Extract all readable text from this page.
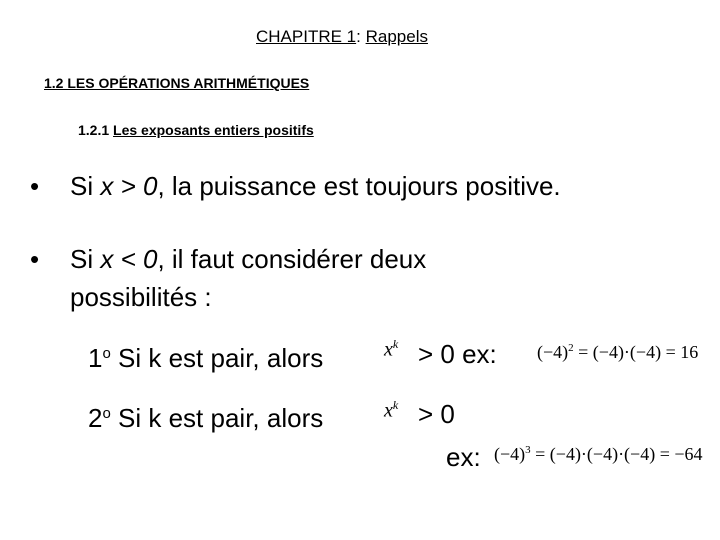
CHAPITRE 1: Rappels
1.2 LES OPÉRATIONS ARITHMÉTIQUES
1.2.1 Les exposants entiers positifs
• Si x > 0, la puissance est toujours positive.
• Si x < 0, il faut considérer deux
possibilités :
1$^o$ Si k est pair, alors	$x^k > 0$ ex: $(-4)^2 = (-4)\cdot(-4) = 16$
2$^o$ Si k est pair, alors	$x^k > 0$
ex: $(-4)^3 = (-4)\cdot(-4)\cdot(-4) = -64$
